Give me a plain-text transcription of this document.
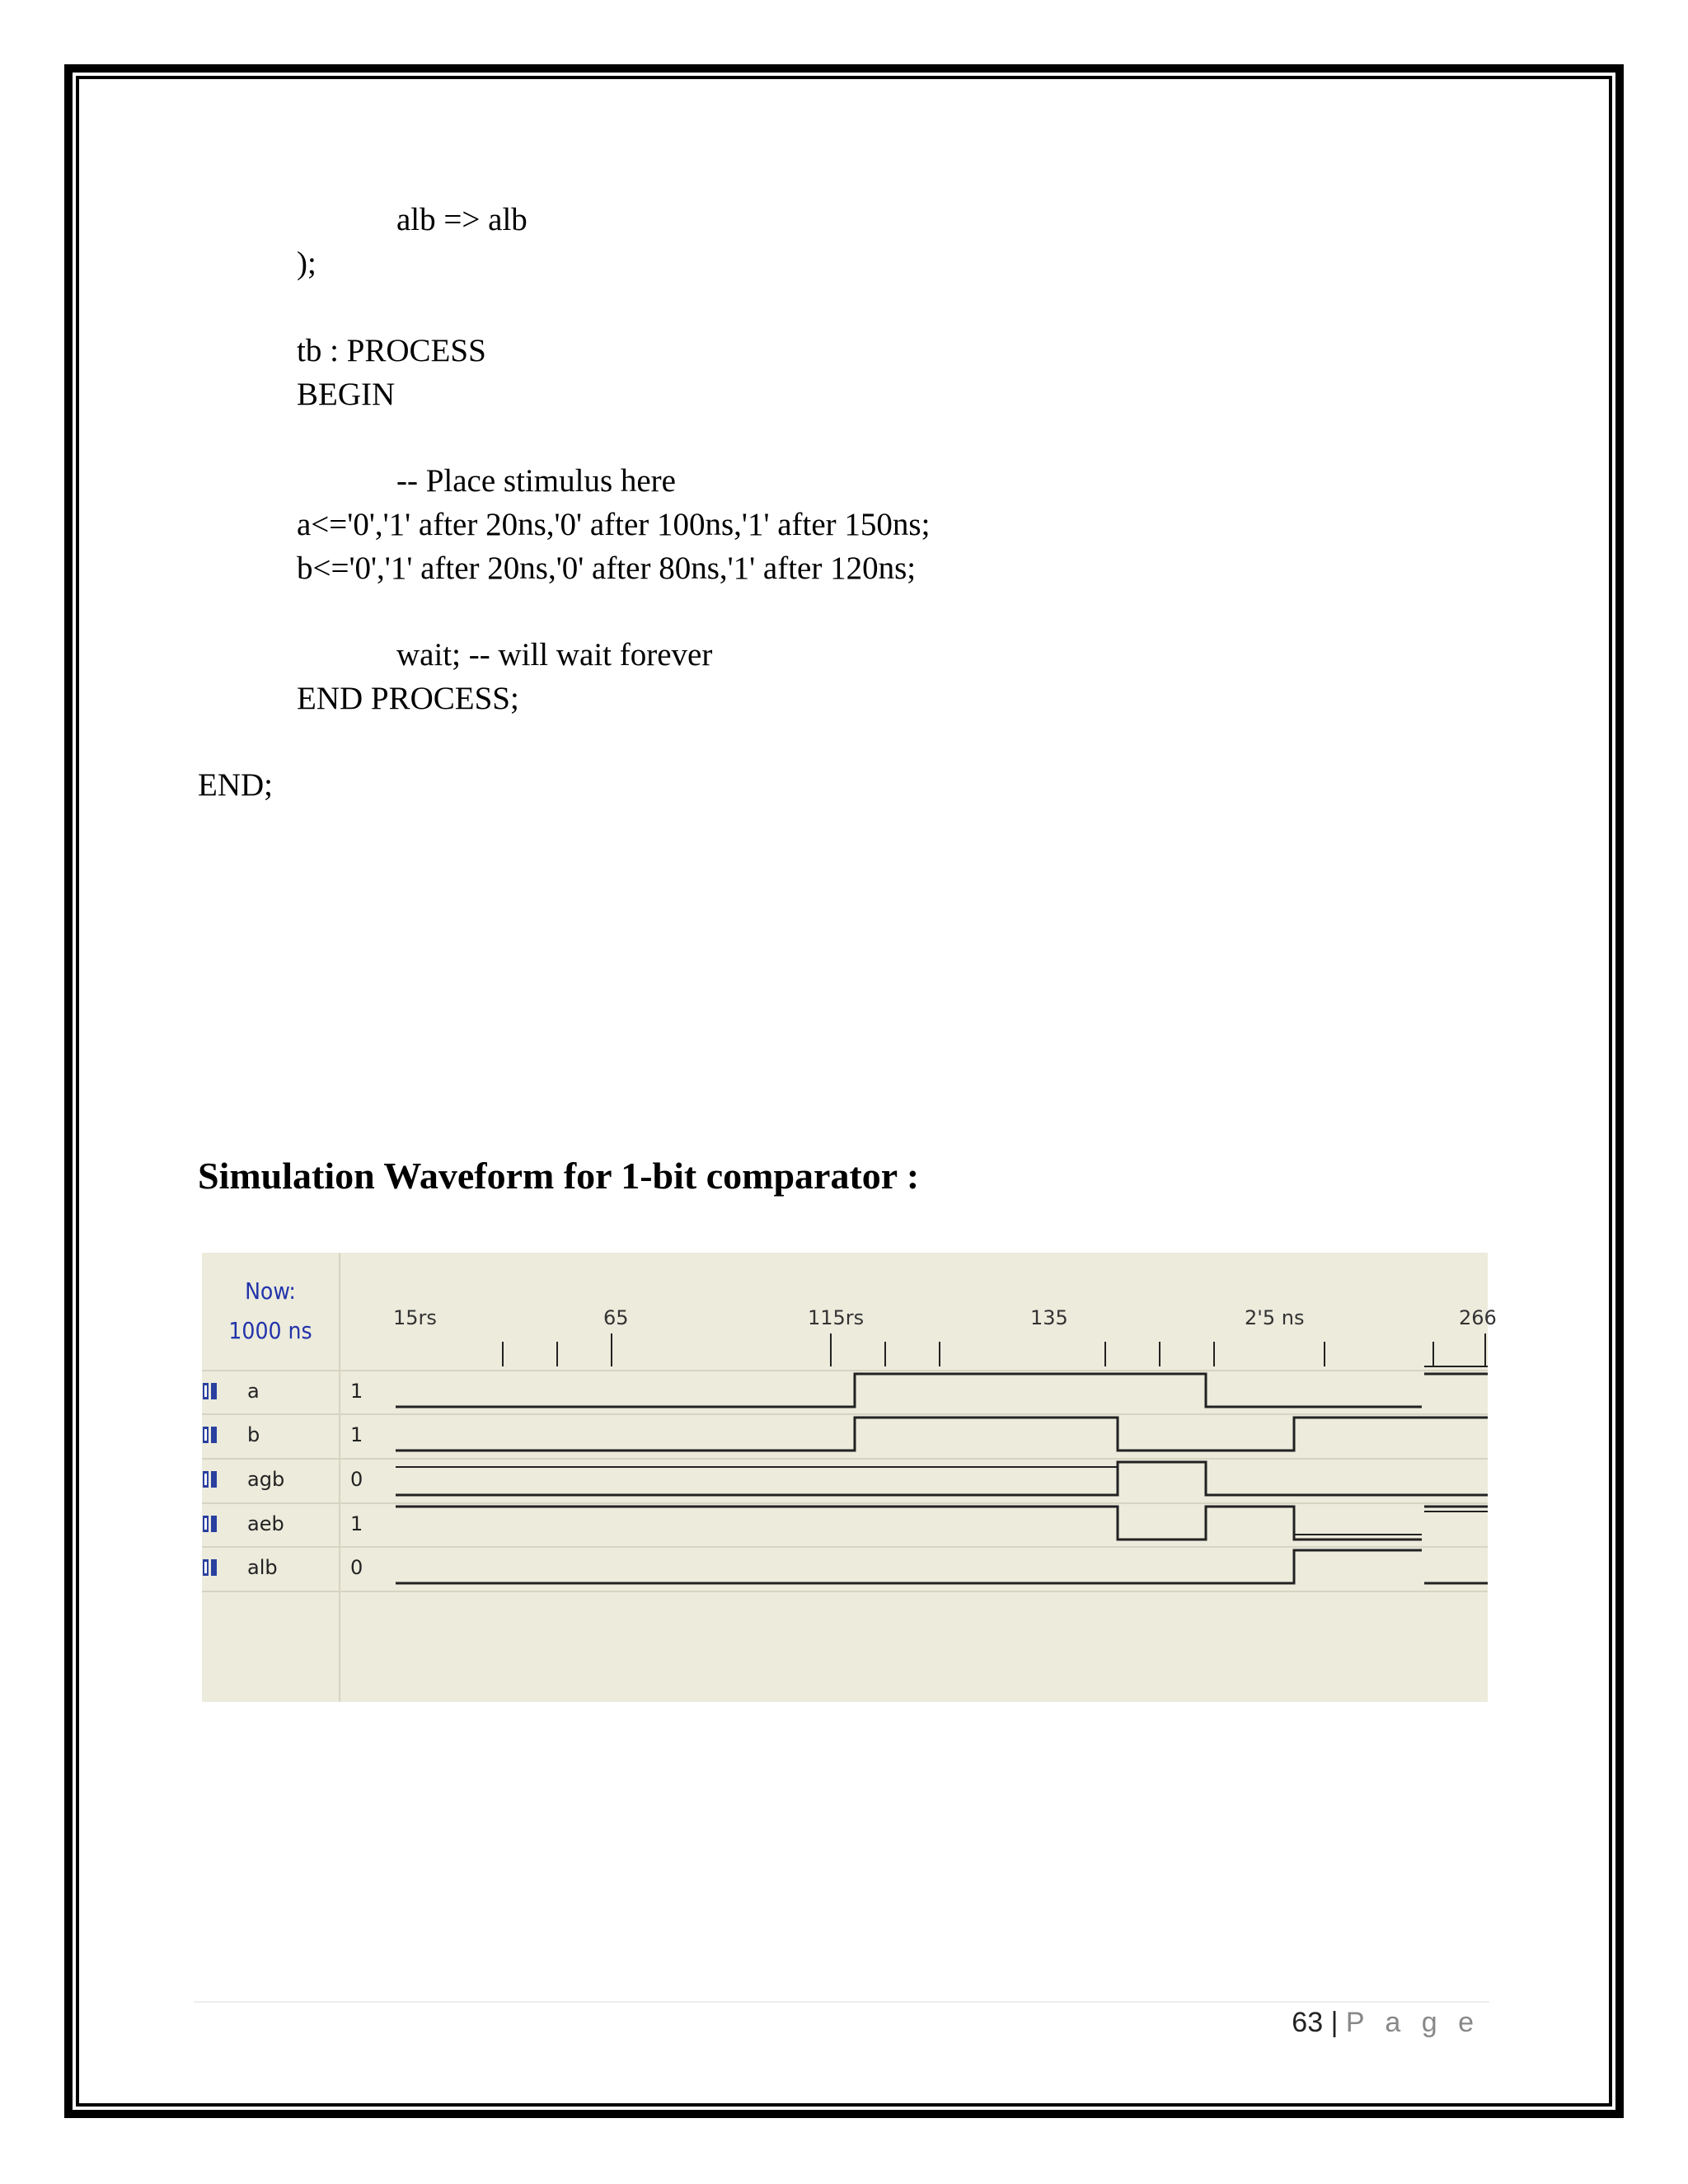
alb => alb
);
tb : PROCESS
BEGIN
-- Place stimulus here
a<='0','1' after 20ns,'0' after 100ns,'1' after 150ns;
b<='0','1' after 20ns,'0' after 80ns,'1' after 120ns;
wait; -- will wait forever
END PROCESS;
END;
Simulation Waveform for 1-bit comparator :
Now:
1000 ns	15rs	65	115rs	135	2'5 ns	266
a	1
b	1
agb	0
aeb	1
alb	0
63 | P a g e
